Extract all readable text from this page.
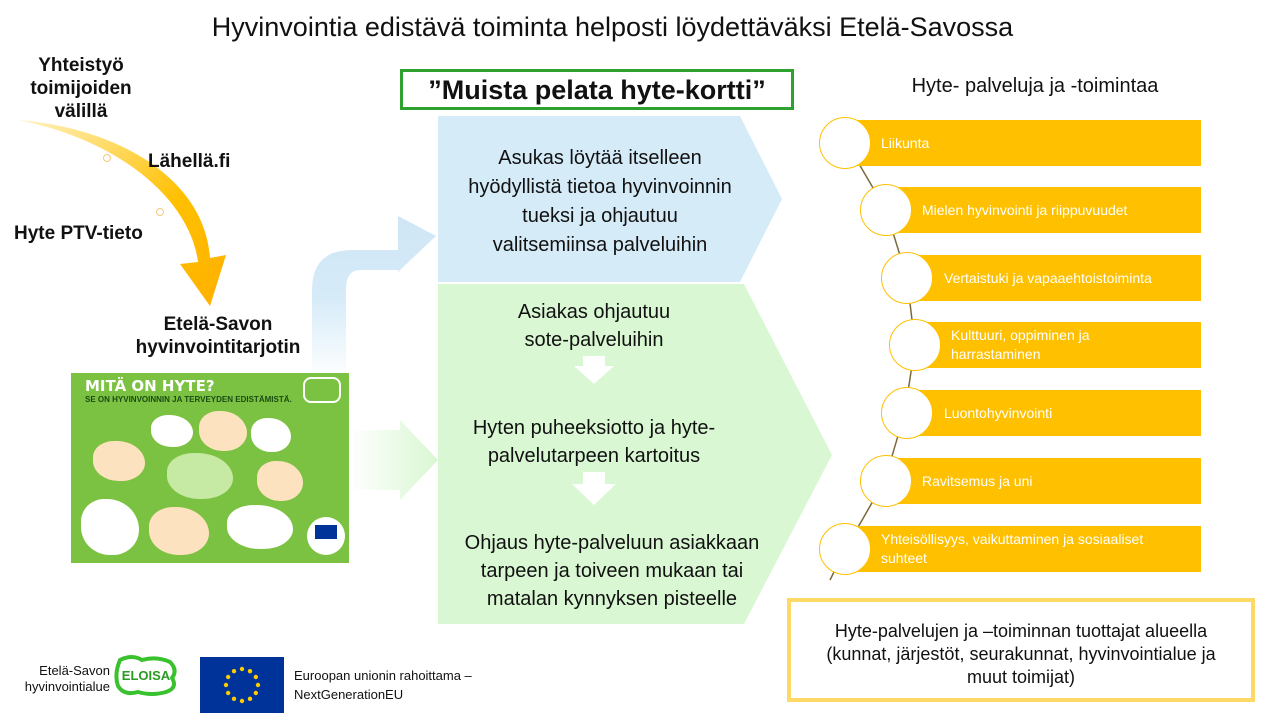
Hyvinvointia edistävä toiminta helposti löydettäväksi Etelä-Savossa
Yhteistyö
toimijoiden
välillä
Lähellä.fi
Hyte PTV-tieto
Etelä-Savon
hyvinvointitarjotin
MITÄ ON HYTE?
SE ON HYVINVOINNIN JA TERVEYDEN EDISTÄMISTÄ.
”Muista pelata hyte-kortti”
Asukas löytää itselleen
hyödyllistä tietoa hyvinvoinnin
tueksi ja ohjautuu
valitsemiinsa palveluihin
Asiakas ohjautuu
sote-palveluihin
Hyten puheeksiotto ja hyte-
palvelutarpeen kartoitus
Ohjaus hyte-palveluun asiakkaan
tarpeen ja toiveen mukaan tai
matalan kynnyksen pisteelle
Hyte- palveluja ja -toimintaa
Liikunta
Mielen hyvinvointi ja riippuvuudet
Vertaistuki ja vapaaehtoistoiminta
Kulttuuri, oppiminen ja harrastaminen
Luontohyvinvointi
Ravitsemus ja uni
Yhteisöllisyys, vaikuttaminen ja sosiaaliset suhteet
Hyte-palvelujen ja –toiminnan tuottajat alueella
(kunnat, järjestöt, seurakunnat, hyvinvointialue ja
muut toimijat)
Etelä-Savon
hyvinvointialue
ELOISA	Euroopan unionin rahoittama –
NextGenerationEU
